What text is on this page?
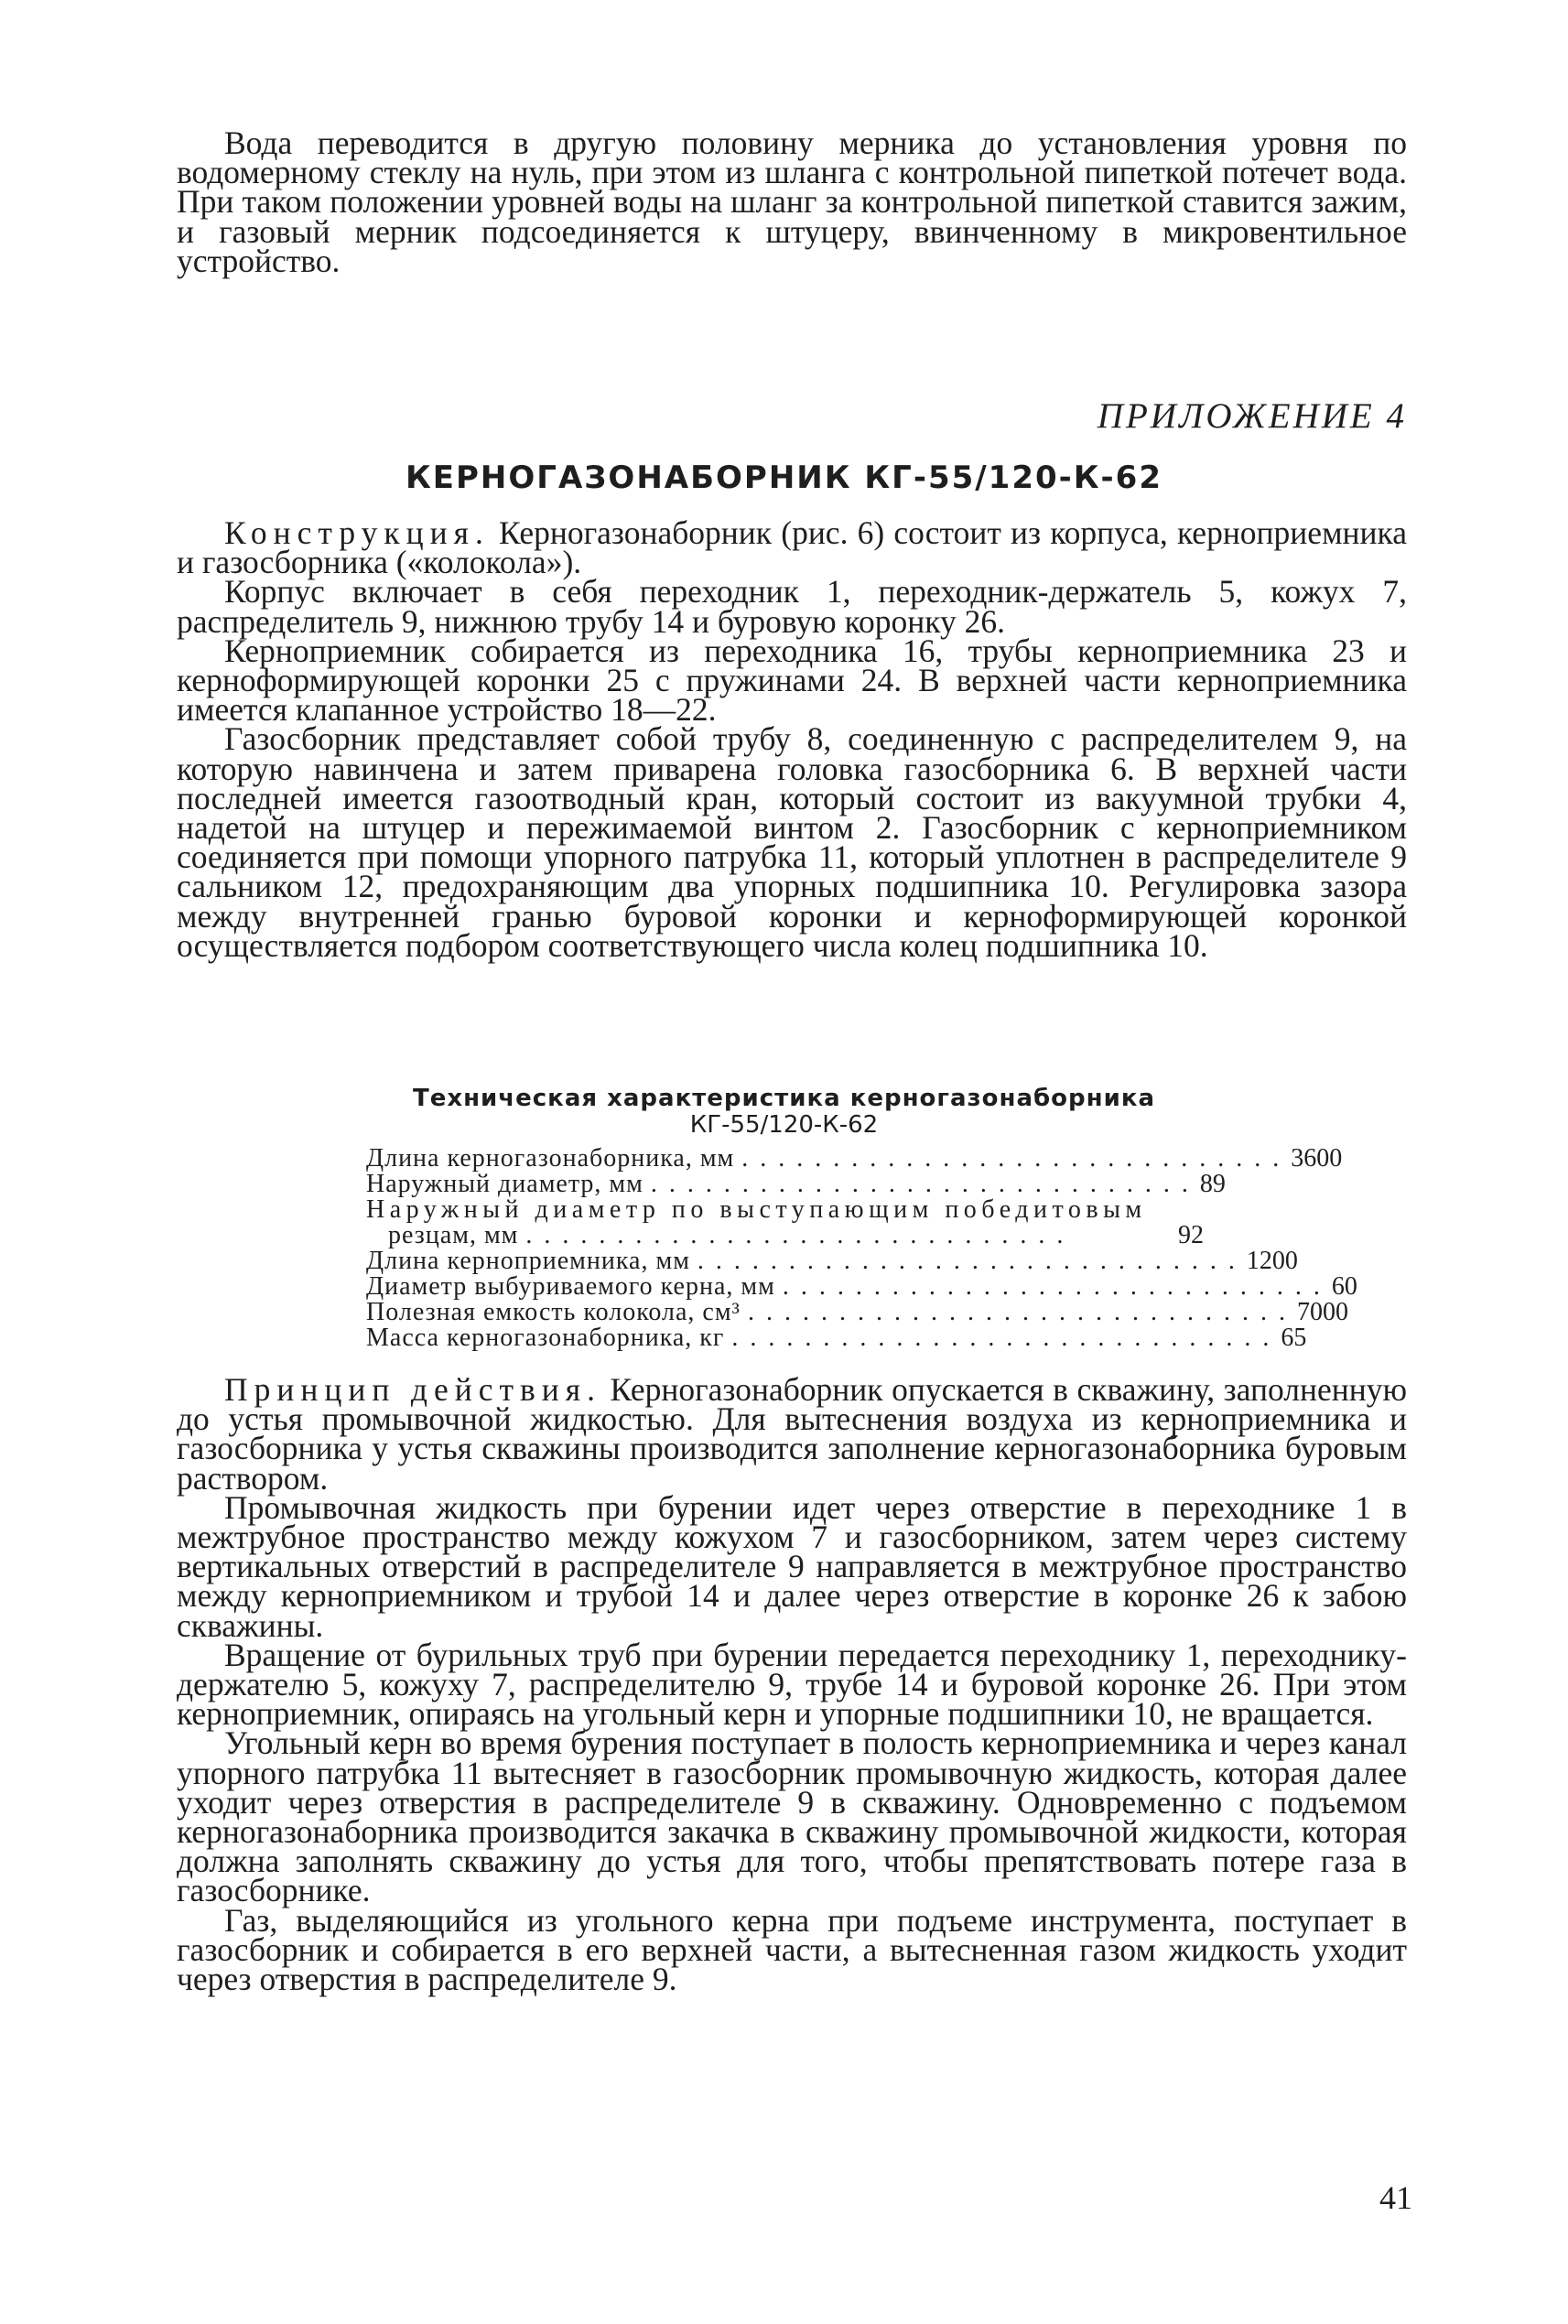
Вода переводится в другую половину мерника до установления уровня по водомерному стеклу на нуль, при этом из шланга с контрольной пипеткой потечет вода. При таком положении уровней воды на шланг за контрольной пипеткой ставится зажим, и газовый мерник подсоединяется к штуцеру, ввинченному в микровентильное устройство.

ПРИЛОЖЕНИЕ 4

КЕРНОГАЗОНАБОРНИК КГ-55/120-К-62

Конструкция. Керногазонаборник (рис. 6) состоит из корпуса, керноприемника и газосборника («колокола»).

Корпус включает в себя переходник 1, переходник-держатель 5, кожух 7, распределитель 9, нижнюю трубу 14 и буровую коронку 26.

Керноприемник собирается из переходника 16, трубы керноприемника 23 и кернoформирующей коронки 25 с пружинами 24. В верхней части керноприемника имеется клапанное устройство 18—22.

Газосборник представляет собой трубу 8, соединенную с распределителем 9, на которую навинчена и затем приварена головка газосборника 6. В верхней части последней имеется газоотводный кран, который состоит из вакуумной трубки 4, надетой на штуцер и пережимаемой винтом 2. Газосборник с керноприемником соединяется при помощи упорного патрубка 11, который уплотнен в распределителе 9 сальником 12, предохраняющим два упорных подшипника 10. Регулировка зазора между внутренней гранью буровой коронки и кернoформирующей коронкой осуществляется подбором соответствующего числа колец подшипника 10.

Техническая характеристика керногазонаборника

КГ-55/120-К-62

Длина керногазонаборника, мм .............................. 3600
Наружный диаметр, мм .............................. 89
Наружный диаметр по выступающим победитовым
резцам, мм ..............................	92
Длина керноприемника, мм .............................. 1200
Диаметр выбуриваемого керна, мм .............................. 60
Полезная емкость колокола, см³ .............................. 7000
Масса керногазонаборника, кг .............................. 65

Принцип действия. Керногазонаборник опускается в скважину, заполненную до устья промывочной жидкостью. Для вытеснения воздуха из керноприемника и газосборника у устья скважины производится заполнение керногазонаборника буровым раствором.

Промывочная жидкость при бурении идет через отверстие в переходнике 1 в межтрубное пространство между кожухом 7 и газосборником, затем через систему вертикальных отверстий в распределителе 9 направляется в межтрубное пространство между керноприемником и трубой 14 и далее через отверстие в коронке 26 к забою скважины.

Вращение от бурильных труб при бурении передается переходнику 1, переходнику-держателю 5, кожуху 7, распределителю 9, трубе 14 и буровой коронке 26. При этом керноприемник, опираясь на угольный керн и упорные подшипники 10, не вращается.

Угольный керн во время бурения поступает в полость керноприемника и через канал упорного патрубка 11 вытесняет в газосборник промывочную жидкость, которая далее уходит через отверстия в распределителе 9 в скважину. Одновременно с подъемом керногазонаборника производится закачка в скважину промывочной жидкости, которая должна заполнять скважину до устья для того, чтобы препятствовать потере газа в газосборнике.

Газ, выделяющийся из угольного керна при подъеме инструмента, поступает в газосборник и собирается в его верхней части, а вытесненная газом жидкость уходит через отверстия в распределителе 9.

41
